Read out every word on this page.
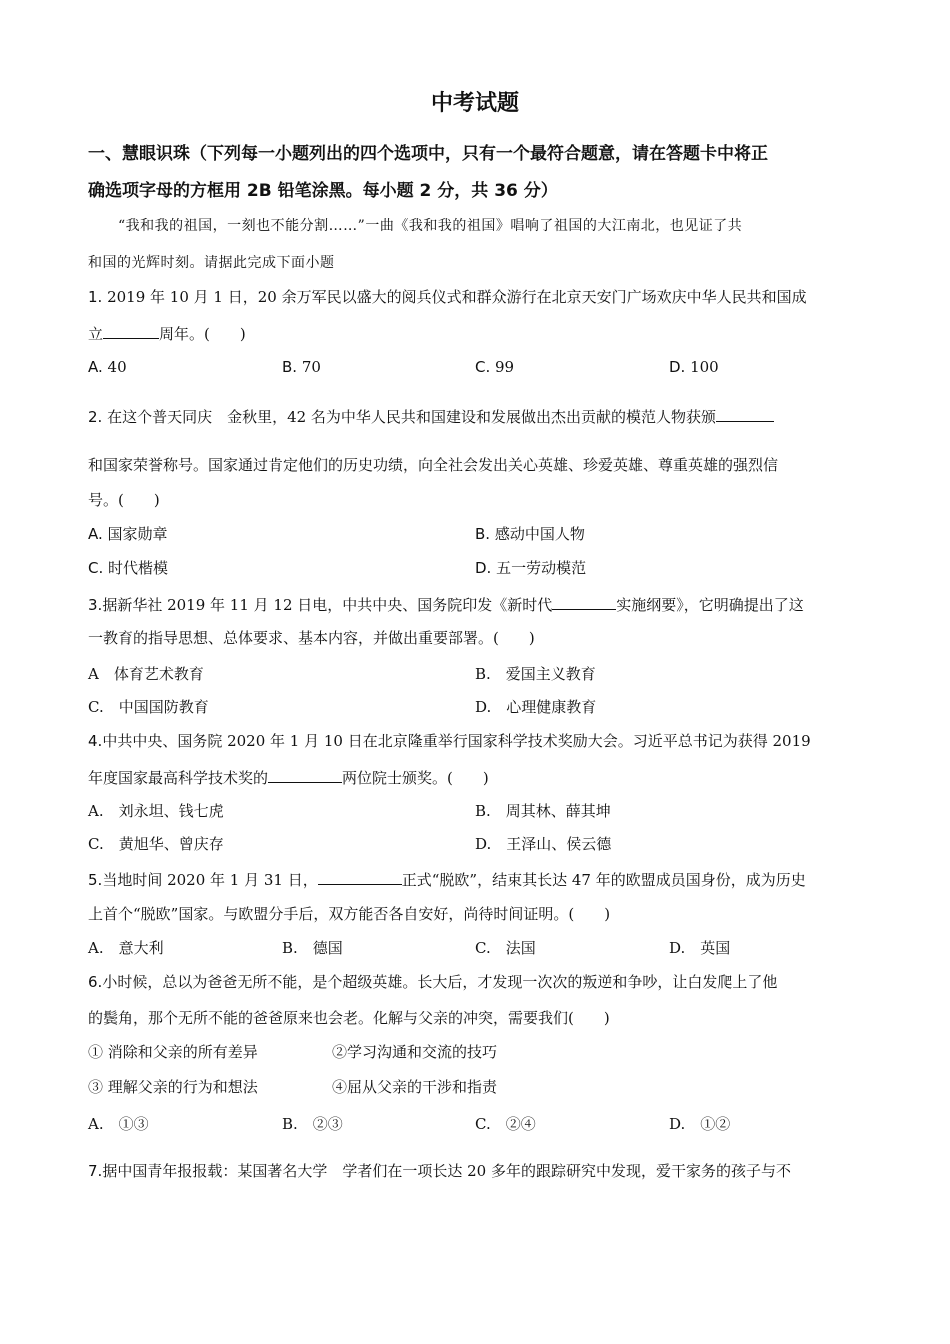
中考试题
一、慧眼识珠（下列每一小题列出的四个选项中，只有一个最符合题意，请在答题卡中将正
确选项字母的方框用 2B 铅笔涂黑。每小题 2 分，共 36 分）
“我和我的祖国，一刻也不能分割……”一曲《我和我的祖国》唱响了祖国的大江南北，也见证了共
和国的光辉时刻。请据此完成下面小题
1. 2019 年 10 月 1 日，20 余万军民以盛大的阅兵仪式和群众游行在北京天安门广场欢庆中华人民共和国成
立	周年。(　　)
A. 40	B. 70	C. 99	D. 100
2. 在这个普天同庆　金秋里，42 名为中华人民共和国建设和发展做出杰出贡献的模范人物获颁
和国家荣誉称号。国家通过肯定他们的历史功绩，向全社会发出关心英雄、珍爱英雄、尊重英雄的强烈信
号。(　　)
A. 国家勋章	B. 感动中国人物
C. 时代楷模	D. 五一劳动模范
3.据新华社 2019 年 11 月 12 日电，中共中央、国务院印发《新时代	实施纲要》，它明确提出了这
一教育的指导思想、总体要求、基本内容，并做出重要部署。(　　)
A　体育艺术教育	B.　爱国主义教育
C.　中国国防教育	D.　心理健康教育
4.中共中央、国务院 2020 年 1 月 10 日在北京隆重举行国家科学技术奖励大会。习近平总书记为获得 2019
年度国家最高科学技术奖的	两位院士颁奖。(　　)
A.　刘永坦、钱七虎	B.　周其林、薛其坤
C.　黄旭华、曾庆存	D.　王泽山、侯云德
5.当地时间 2020 年 1 月 31 日，	正式“脱欧”，结束其长达 47 年的欧盟成员国身份，成为历史
上首个“脱欧”国家。与欧盟分手后，双方能否各自安好，尚待时间证明。(　　)
A.　意大利	B.　德国	C.　法国	D.　英国
6.小时候，总以为爸爸无所不能，是个超级英雄。长大后，才发现一次次的叛逆和争吵，让白发爬上了他
的鬓角，那个无所不能的爸爸原来也会老。化解与父亲的冲突，需要我们(　　)
① 消除和父亲的所有差异	②学习沟通和交流的技巧
③ 理解父亲的行为和想法	④屈从父亲的干涉和指责
A.　①③	B.　②③	C.　②④	D.　①②
7.据中国青年报报载：某国著名大学　学者们在一项长达 20 多年的跟踪研究中发现，爱干家务的孩子与不
